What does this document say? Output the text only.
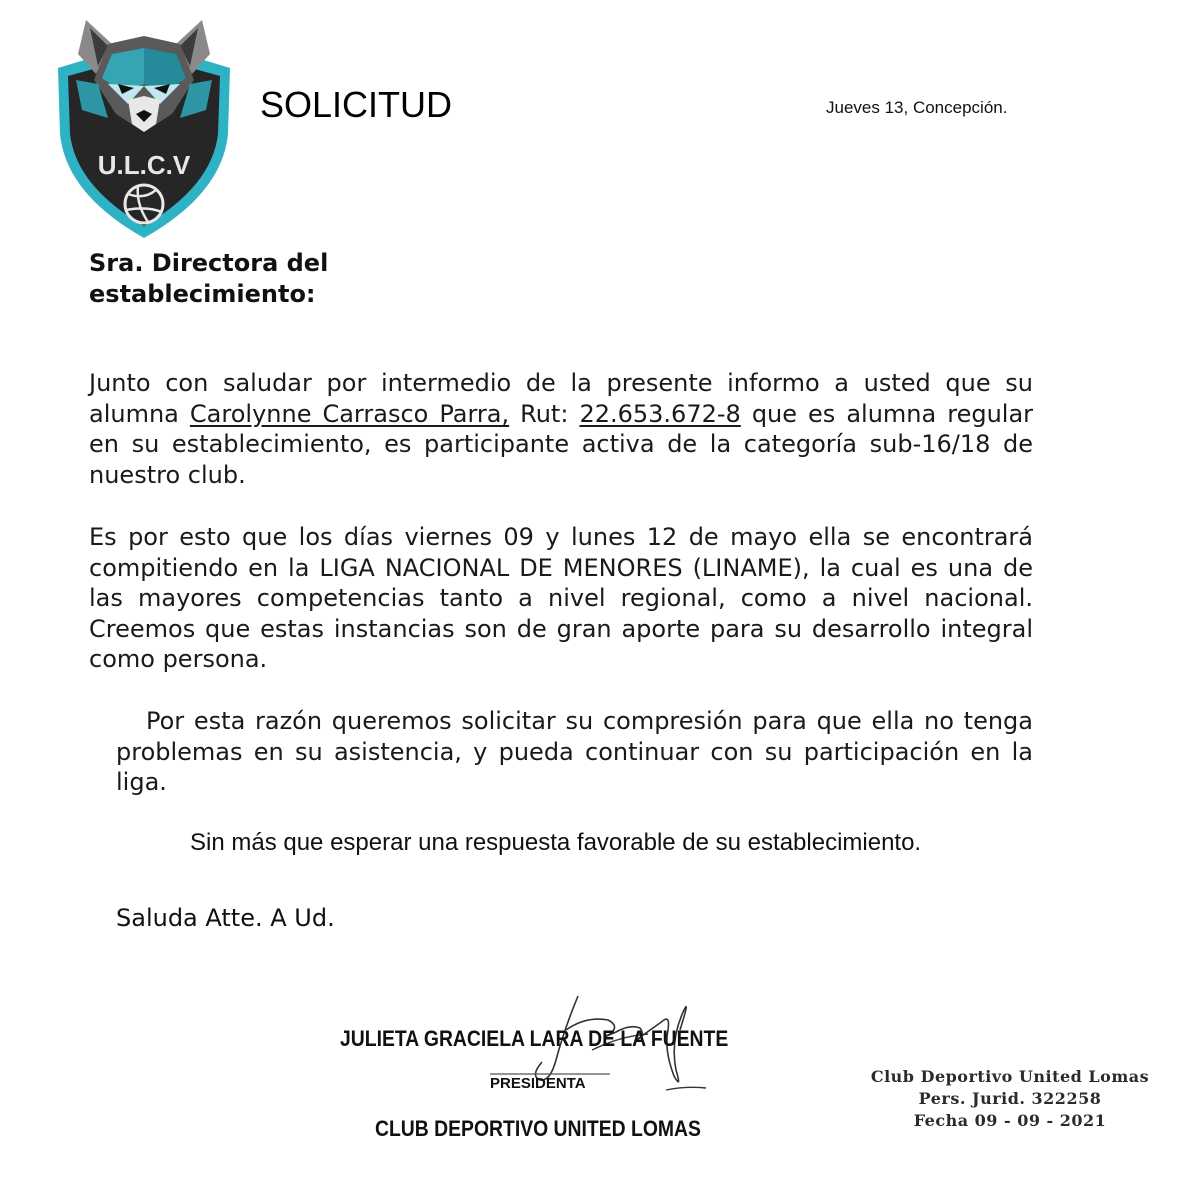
U.L.C.V
SOLICITUD	Jueves 13, Concepción.
Sra. Directora del
establecimiento:
Junto con saludar por intermedio de la presente informo a usted que su alumna Carolynne Carrasco Parra, Rut: 22.653.672-8 que es alumna regular en su establecimiento, es participante activa de la categoría sub-16/18 de nuestro club.
Es por esto que los días viernes 09 y lunes 12 de mayo ella se encontrará compitiendo en la LIGA NACIONAL DE MENORES (LINAME), la cual es una de las mayores competencias tanto a nivel regional, como a nivel nacional. Creemos que estas instancias son de gran aporte para su desarrollo integral como persona.
Por esta razón queremos solicitar su compresión para que ella no tenga problemas en su asistencia, y pueda continuar con su participación en la liga.
Sin más que esperar una respuesta favorable de su establecimiento.
Saluda Atte. A Ud.
JULIETA GRACIELA LARA DE LA FUENTE
PRESIDENTA
CLUB DEPORTIVO UNITED LOMAS
Club Deportivo United Lomas
Pers. Jurid. 322258
Fecha 09 - 09 - 2021
